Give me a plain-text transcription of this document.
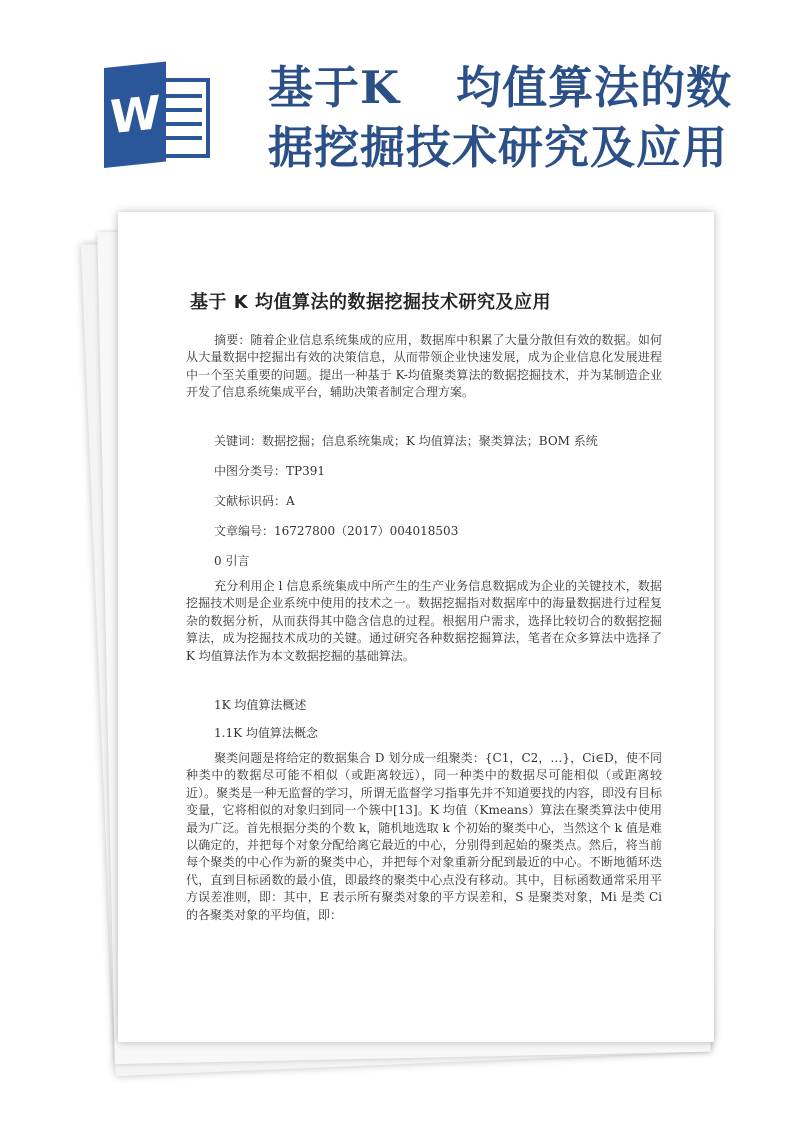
W 基于K 均值算法的数
据挖掘技术研究及应用
基于 K 均值算法的数据挖掘技术研究及应用
摘要：随着企业信息系统集成的应用，数据库中积累了大量分散但有效的数据。如何从大量数据中挖掘出有效的决策信息，从而带领企业快速发展，成为企业信息化发展进程中一个至关重要的问题。提出一种基于 K-均值聚类算法的数据挖掘技术，并为某制造企业开发了信息系统集成平台，辅助决策者制定合理方案。
关键词：数据挖掘；信息系统集成；K 均值算法；聚类算法；BOM 系统
中图分类号：TP391
文献标识码：A
文章编号：16727800（2017）004018503
0 引言
充分利用企 l 信息系统集成中所产生的生产业务信息数据成为企业的关键技术，数据挖掘技术则是企业系统中使用的技术之一。数据挖掘指对数据库中的海量数据进行过程复杂的数据分析，从而获得其中隐含信息的过程。根据用户需求，选择比较切合的数据挖掘算法，成为挖掘技术成功的关键。通过研究各种数据挖掘算法，笔者在众多算法中选择了 K 均值算法作为本文数据挖掘的基础算法。
1K 均值算法概述
1.1K 均值算法概念
聚类问题是将给定的数据集合 D 划分成一组聚类：{C1，C2，…}，Ci∈D，使不同种类中的数据尽可能不相似（或距离较远），同一种类中的数据尽可能相似（或距离较近）。聚类是一种无监督的学习，所谓无监督学习指事先并不知道要找的内容，即没有目标变量，它将相似的对象归到同一个簇中[13]。K 均值（Kmeans）算法在聚类算法中使用最为广泛。首先根据分类的个数 k，随机地选取 k 个初始的聚类中心，当然这个 k 值是难以确定的，并把每个对象分配给离它最近的中心，分别得到起始的聚类点。然后，将当前每个聚类的中心作为新的聚类中心，并把每个对象重新分配到最近的中心。不断地循环迭代，直到目标函数的最小值，即最终的聚类中心点没有移动。其中，目标函数通常采用平方误差准则，即：其中，E 表示所有聚类对象的平方误差和，S 是聚类对象，Mi 是类 Ci 的各聚类对象的平均值，即：
